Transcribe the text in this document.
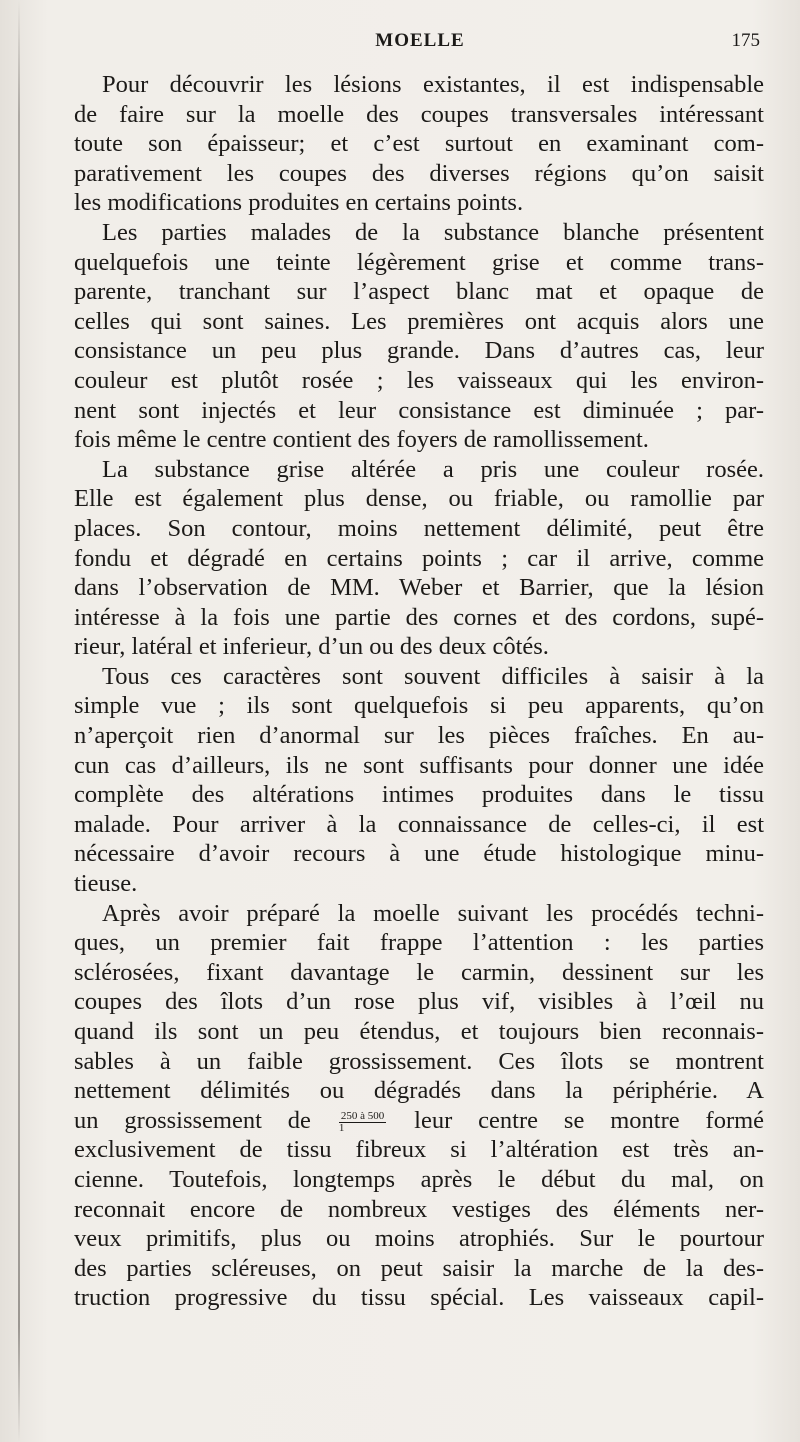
MOELLE	175
Pour découvrir les lésions existantes, il est indispensable
de faire sur la moelle des coupes transversales intéressant
toute son épaisseur; et c’est surtout en examinant com-
parativement les coupes des diverses régions qu’on saisit
les modifications produites en certains points.
Les parties malades de la substance blanche présentent
quelquefois une teinte légèrement grise et comme trans-
parente, tranchant sur l’aspect blanc mat et opaque de
celles qui sont saines. Les premières ont acquis alors une
consistance un peu plus grande. Dans d’autres cas, leur
couleur est plutôt rosée ; les vaisseaux qui les environ-
nent sont injectés et leur consistance est diminuée ; par-
fois même le centre contient des foyers de ramollissement.
La substance grise altérée a pris une couleur rosée.
Elle est également plus dense, ou friable, ou ramollie par
places. Son contour, moins nettement délimité, peut être
fondu et dégradé en certains points ; car il arrive, comme
dans l’observation de MM. Weber et Barrier, que la lésion
intéresse à la fois une partie des cornes et des cordons, supé-
rieur, latéral et inferieur, d’un ou des deux côtés.
Tous ces caractères sont souvent difficiles à saisir à la
simple vue ; ils sont quelquefois si peu apparents, qu’on
n’aperçoit rien d’anormal sur les pièces fraîches. En au-
cun cas d’ailleurs, ils ne sont suffisants pour donner une idée
complète des altérations intimes produites dans le tissu
malade. Pour arriver à la connaissance de celles-ci, il est
nécessaire d’avoir recours à une étude histologique minu-
tieuse.
Après avoir préparé la moelle suivant les procédés techni-
ques, un premier fait frappe l’attention : les parties
sclérosées, fixant davantage le carmin, dessinent sur les
coupes des îlots d’un rose plus vif, visibles à l’œil nu
quand ils sont un peu étendus, et toujours bien reconnais-
sables à un faible grossissement. Ces îlots se montrent
nettement délimités ou dégradés dans la périphérie. A
un grossissement de	$\frac{250 à 500}{1}$ leur centre se montre formé
exclusivement de tissu fibreux si l’altération est très an-
cienne. Toutefois, longtemps après le début du mal, on
reconnait encore de nombreux vestiges des éléments ner-
veux primitifs, plus ou moins atrophiés. Sur le pourtour
des parties scléreuses, on peut saisir la marche de la des-
truction progressive du tissu spécial. Les vaisseaux capil-
